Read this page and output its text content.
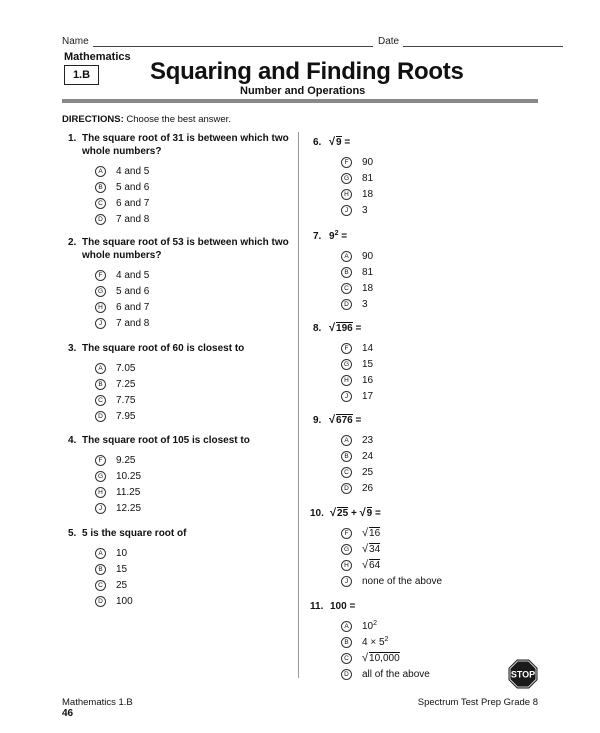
Name	Date
Mathematics
1.B	Squaring and Finding Roots
Number and Operations
DIRECTIONS: Choose the best answer.
1. The square root of 31 is between which two whole numbers?
A	4 and 5
B	5 and 6
C	6 and 7
D	7 and 8
2. The square root of 53 is between which two whole numbers?
F	4 and 5
G 5 and 6
H	6 and 7
J	7 and 8
3. The square root of 60 is closest to
A	7.05
B	7.25
C	7.75
D	7.95
4. The square root of 105 is closest to
F	9.25
G 10.25
H	11.25
J	12.25
5. 5 is the square root of
A	10
B	15
C	25
D	100
6. √9 =
F	90
G 81
H	18
J	3
7. $9^2$ =
A	90
B	81
C	18
D	3
8. √196 =
F	14
G 15
H	16
J	17
9. √676 =
A	23
B	24
C	25
D	26
10. √25 + √9 =
F	√16
G √34
H √64
J	none of the above
11. 100 =
A	$10^2$
B	$4 \times 5^2$
C √10,000
D	all of the above	STOP
Mathematics 1.B
46
Spectrum Test Prep Grade 8
